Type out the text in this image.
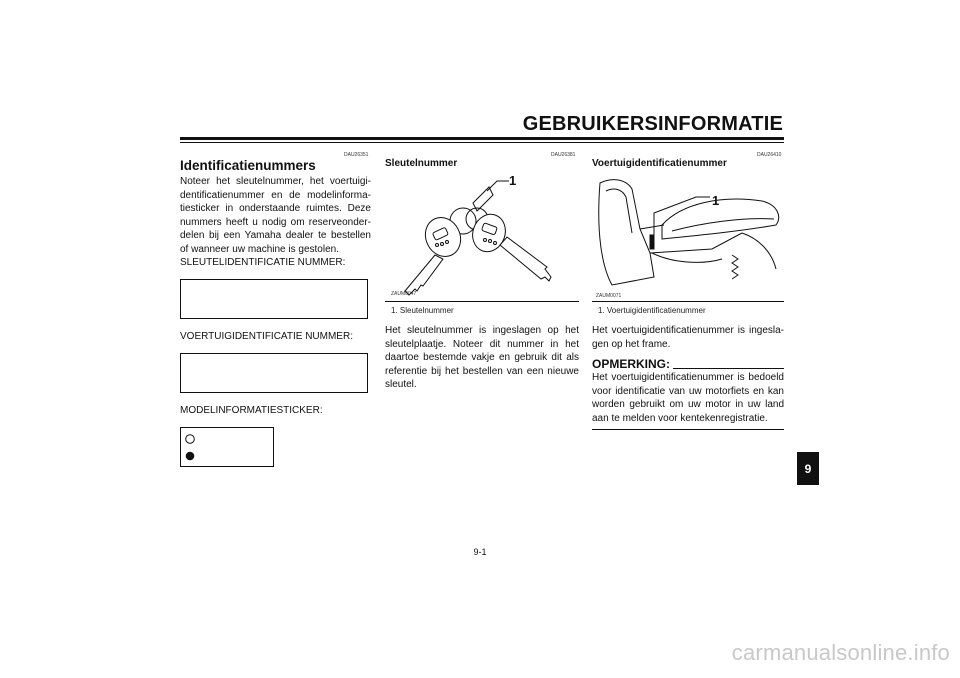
GEBRUIKERSINFORMATIE
DAU26351
Identificatienummers
Noteer het sleutelnummer, het voertuigi-dentificatienummer en de modelinforma-tiesticker in onderstaande ruimtes. Deze nummers heeft u nodig om reserveonder-delen bij een Yamaha dealer te bestellen of wanneer uw machine is gestolen.
SLEUTELIDENTIFICATIE NUMMER:
VOERTUIGIDENTIFICATIE NUMMER:
MODELINFORMATIESTICKER:
DAU26381
Sleutelnummer
1
ZAUM0047
1. Sleutelnummer
Het sleutelnummer is ingeslagen op het sleutelplaatje. Noteer dit nummer in het daartoe bestemde vakje en gebruik dit als referentie bij het bestellen van een nieuwe sleutel.
DAU26410
Voertuigidentificatienummer
1
ZAUM0071
1. Voertuigidentificatienummer
Het voertuigidentificatienummer is ingesla-gen op het frame.
OPMERKING:
Het voertuigidentificatienummer is bedoeld voor identificatie van uw motorfiets en kan worden gebruikt om uw motor in uw land aan te melden voor kentekenregistratie.
9
9-1
carmanualsonline.info
